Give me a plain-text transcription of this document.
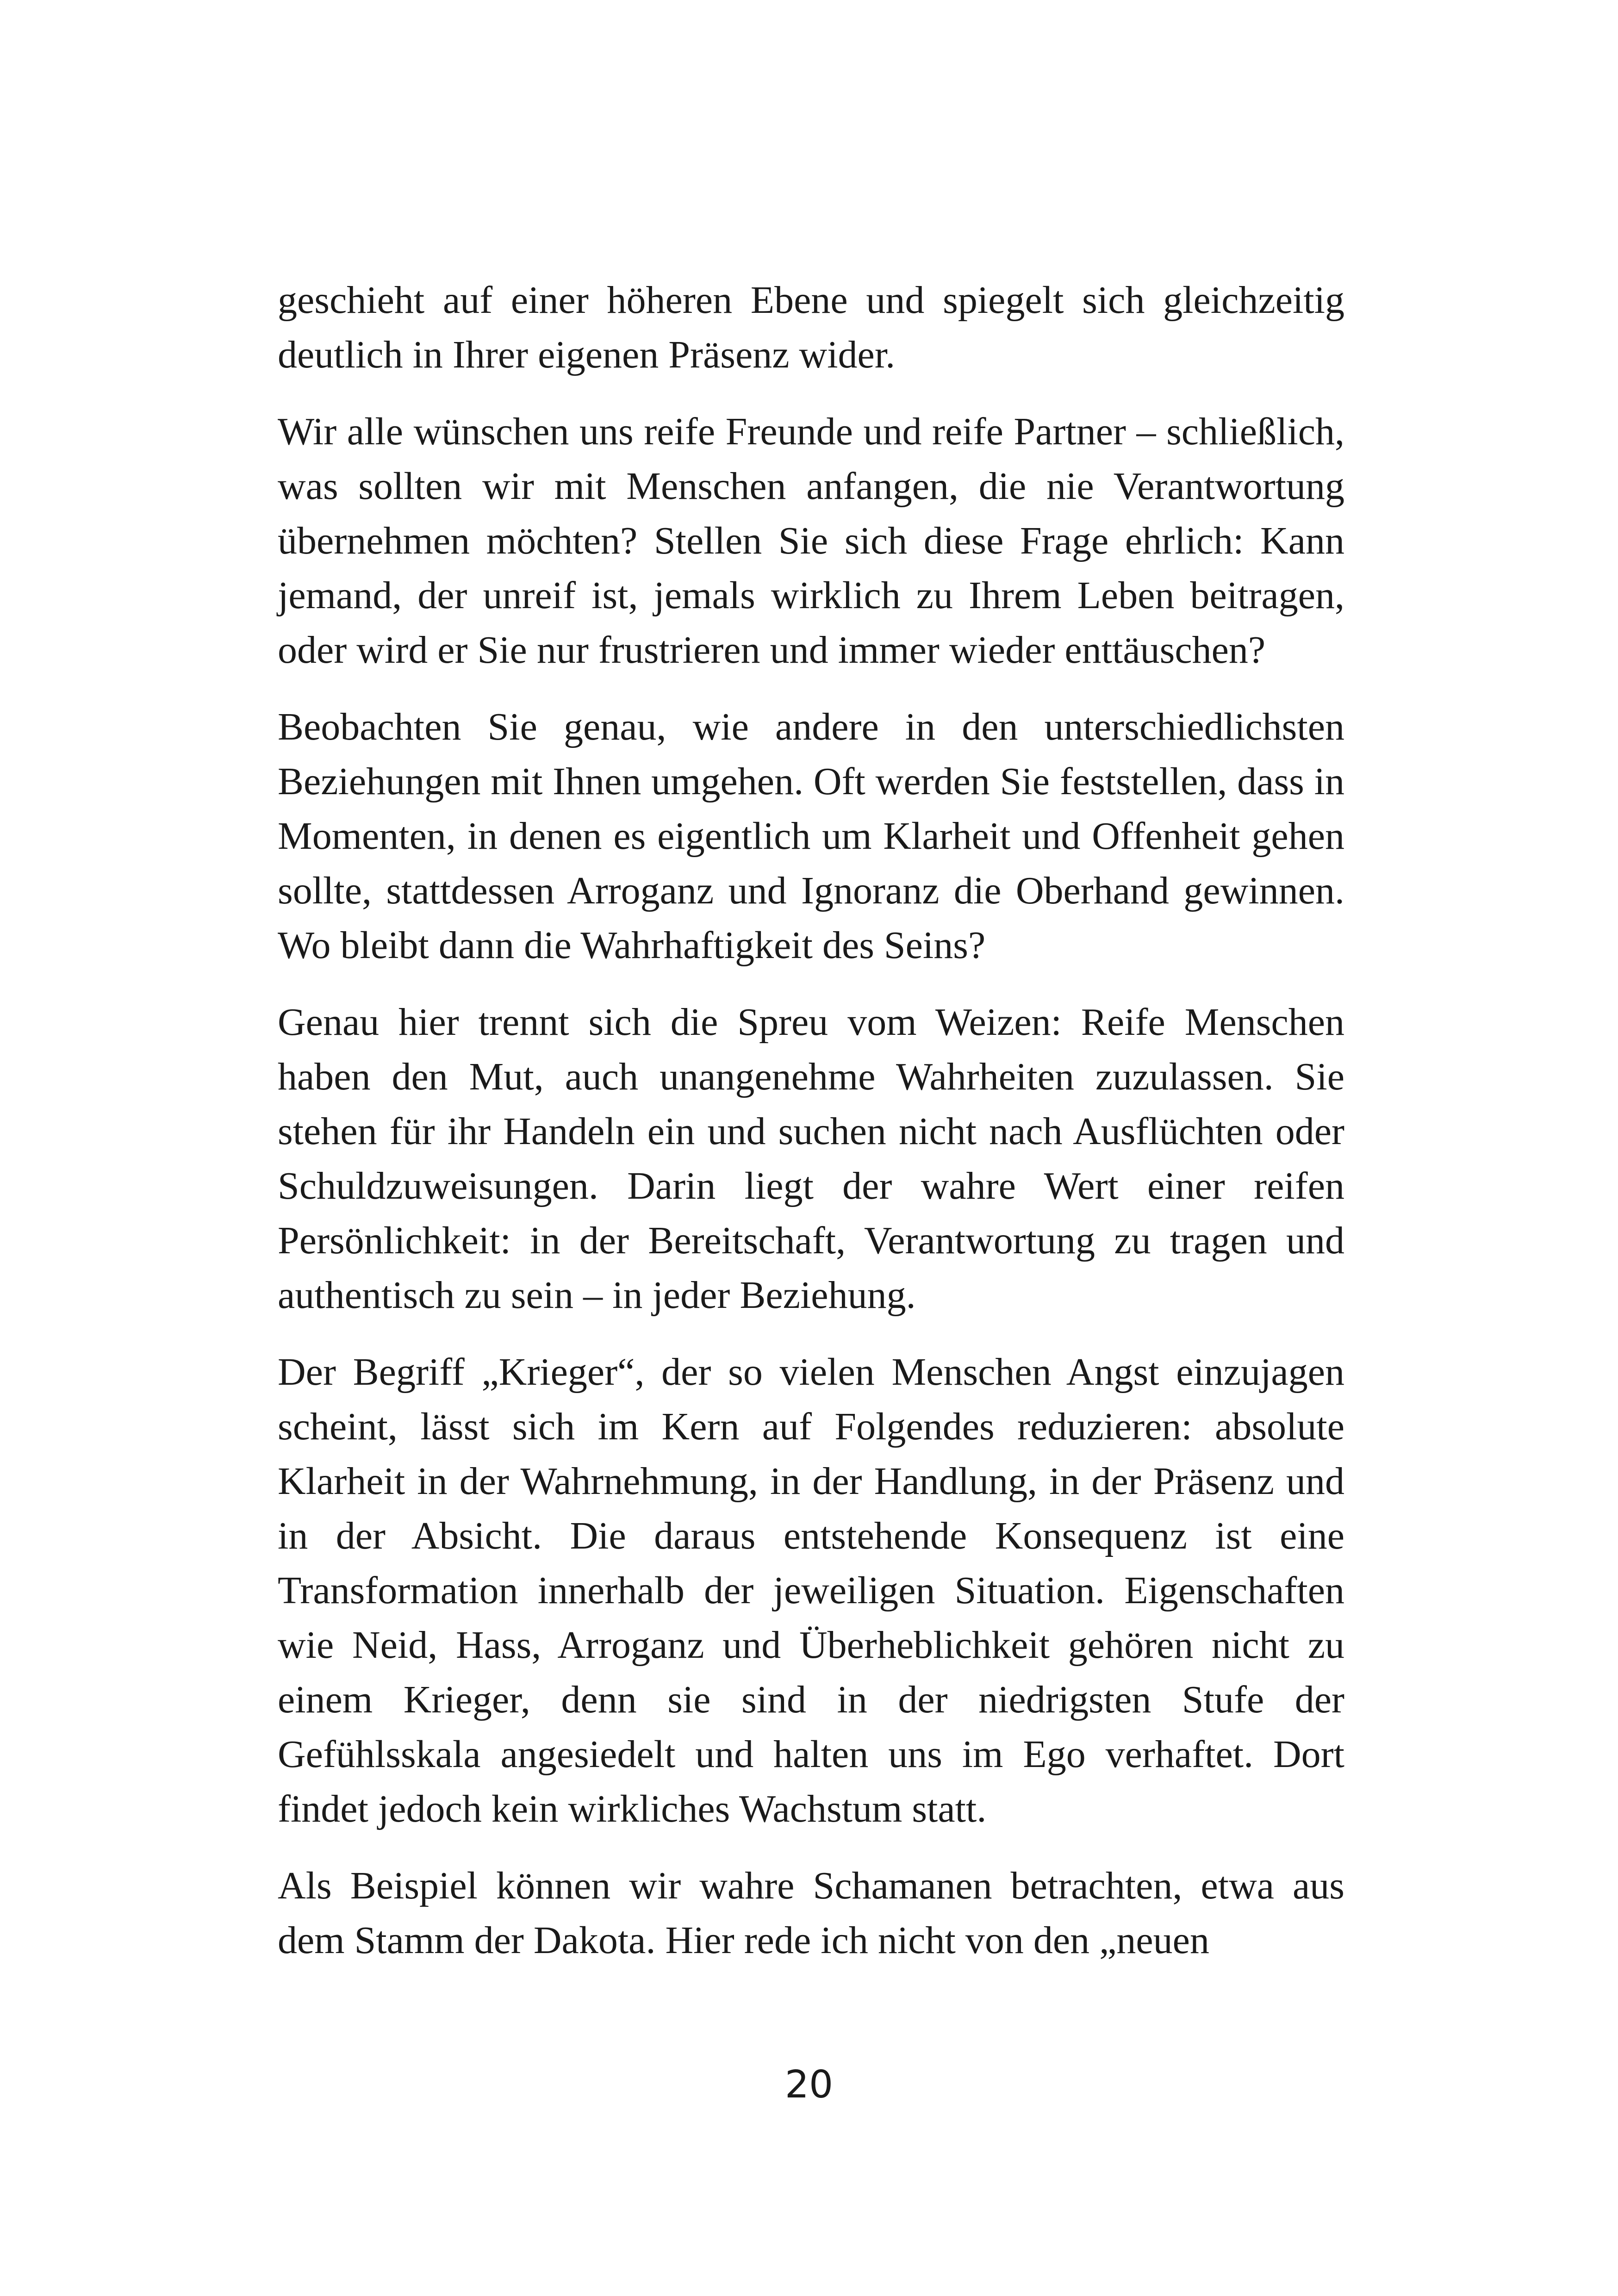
geschieht auf einer höheren Ebene und spiegelt sich gleichzeitig deutlich in Ihrer eigenen Präsenz wider.

Wir alle wünschen uns reife Freunde und reife Partner – schließlich, was sollten wir mit Menschen anfangen, die nie Verantwortung übernehmen möchten? Stellen Sie sich diese Frage ehrlich: Kann jemand, der unreif ist, jemals wirklich zu Ihrem Leben beitragen, oder wird er Sie nur frustrieren und immer wieder enttäuschen?

Beobachten Sie genau, wie andere in den unterschiedlichsten Beziehungen mit Ihnen umgehen. Oft werden Sie feststellen, dass in Momenten, in denen es eigentlich um Klarheit und Offenheit gehen sollte, stattdessen Arroganz und Ignoranz die Oberhand gewinnen. Wo bleibt dann die Wahrhaftigkeit des Seins?

Genau hier trennt sich die Spreu vom Weizen: Reife Menschen haben den Mut, auch unangenehme Wahrheiten zuzulassen. Sie stehen für ihr Handeln ein und suchen nicht nach Ausflüchten oder Schuldzuweisungen. Darin liegt der wahre Wert einer reifen Persönlichkeit: in der Bereitschaft, Verantwortung zu tragen und authentisch zu sein – in jeder Beziehung.

Der Begriff „Krieger“, der so vielen Menschen Angst einzujagen scheint, lässt sich im Kern auf Folgendes reduzieren: absolute Klarheit in der Wahrnehmung, in der Handlung, in der Präsenz und in der Absicht. Die daraus entstehende Konsequenz ist eine Transformation innerhalb der jeweiligen Situation. Eigenschaften wie Neid, Hass, Arroganz und Überheblichkeit gehören nicht zu einem Krieger, denn sie sind in der niedrigsten Stufe der Gefühlsskala angesiedelt und halten uns im Ego verhaftet. Dort findet jedoch kein wirkliches Wachstum statt.

Als Beispiel können wir wahre Schamanen betrachten, etwa aus dem Stamm der Dakota. Hier rede ich nicht von den „neuen

20
